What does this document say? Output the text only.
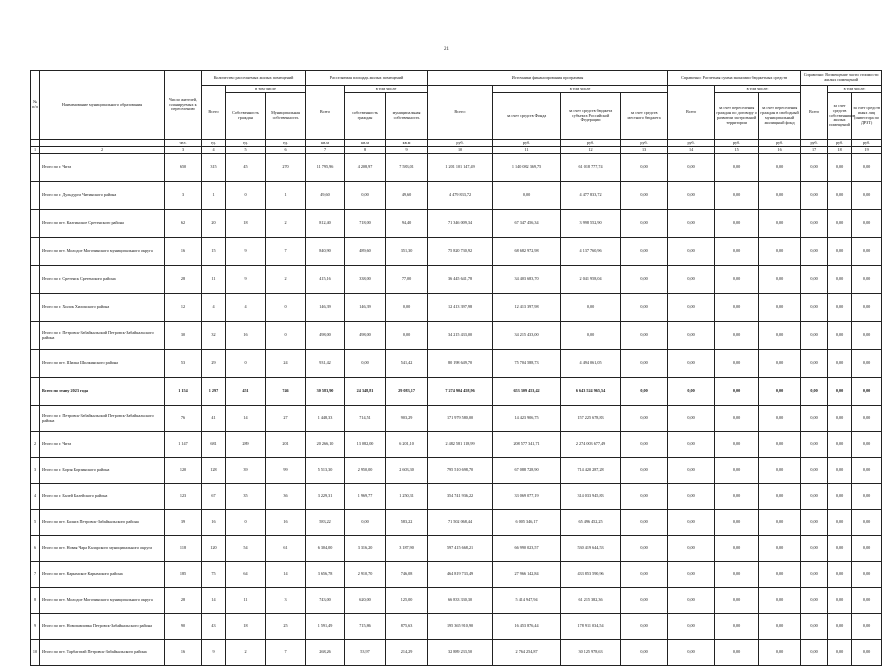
21
№ п/п	Наименование муниципального образования	Число жителей, планируемых к переселению	Количество расселяемых жилых помещений			Расселяемая площадь жилых помещений			Источники финансирования программы				Справочно: Расчетная сумма экономии бюджетных средств			Справочно: Возмещение части стоимости жилых помещений		
			Всего	в том числе		Всего	в том числе		Всего:	в том числе			Всего	в том числе:		Всего	в том числе:	
				Собственность граждан	Муниципальная собственность		собственность граждан	муниципальная собственность		за счет средств Фонда	за счет средств бюджета субъекта Российской Федерации	за счет средств местного бюджета		за счет переселения граждан по договору о развитии застроенной территории	за счет переселения граждан в свободный муниципальный жилищный фонд		за счет средств собственников жилых помещений	за счет средств иных лиц (инвестора по ДРЗТ)
		чел.	ед.	ед.	ед.	кв.м	кв.м	кв.м	руб.	руб.	руб.	руб.	руб.	руб.	руб.	руб.	руб.	руб.
1	2	3	4	5	6	7	8	9	10	11	12	13	14	15	16	17	18	19
	Итого по г. Чита	650	315	45	270	11 795,96	4 208,97	7 583,01	1 201 101 147,49	1 140 082 369,75	61 018 777,74	0,00	0,00	0,00	0,00	0,00	0,00	0,00
	Итого по г. Дульдурга Читинского района	3	1	0	1	49,60	0,00	49,60	4 479 833,72	0,00	4 477 833,72	0,00	0,00	0,00	0,00	0,00	0,00	0,00
	Итого по пгт. Калгинское Сретенского района	62	20	18	2	812,40	718,00	94,40	71 346 009,34	67 347 456,34	3 998 552,90	0,00	0,00	0,00	0,00	0,00	0,00	0,00
	Итого по пгт. Молодое Могочинского муниципального округа	16	15	9	7	840,90	489,60	351,30	75 820 730,92	68 682 972,98	4 137 760,96	0,00	0,00	0,00	0,00	0,00	0,00	0,00
	Итого по г. Сретенск Сретенского района	28	11	9	2	415,16	338,00	77,00	36 445 641,78	34 403 683,70	2 041 958,04	0,00	0,00	0,00	0,00	0,00	0,00	0,00
	Итого по г. Хилок Хилокского района	12	4	4	0	146,39	146,39	0,00	12 413 397,98	12 413 397,98	0,00	0,00	0,00	0,00	0,00	0,00	0,00	0,00
	Итого по г. Петровск-Забайкальский Петровск-Забайкальского района	30	32	16	0	498,00	498,00	0,00	34 215 433,00	34 215 433,00	0,00	0,00	0,00	0,00	0,00	0,00	0,00	0,00
	Итого по пгт. Шилка Шилкинского района	53	29	0	24	931,42	0,00	541,42	80 198 649,70	75 704 588,73	4 494 061,05	0,00	0,00	0,00	0,00	0,00	0,00	0,00
	Всего по этапу 2023 года	1 154	1 297	451	746	30 583,90	24 348,81	29 083,17	7 274 904 458,96	653 309 453,42	6 643 524 965,54	0,00	0,00	0,00	0,00	0,00	0,00	0,00
	Итого по г. Петровск-Забайкальский Петровск-Забайкальского района	76	41	14	27	1 448,33	714,51	903,29	171 979 580,00	14 423 906,75	157 225 678,83	0,00	0,00	0,00	0,00	0,00	0,00	0,00
2	Итого по г. Чита	1 147	681	289	201	20 266,10	13 082,00	6 201,10	2 482 581 118,99	208 577 341,71	2 274 003 677,49	0,00	0,00	0,00	0,00	0,00	0,00	0,00
3	Итого по г. Борзя Борзинского района	120	128	39	99	5 513,30	2 950,00	2 603,30	795 510 698,70	67 088 728,90	714 420 287,28	0,00	0,00	0,00	0,00	0,00	0,00	0,00
4	Итого по г. Балей Балейского района	123	67	35	36	3 229,31	1 969,77	1 250,31	354 741 936,22	33 069 077,19	314 033 945,83	0,00	0,00	0,00	0,00	0,00	0,00	0,00
5	Итого по пгт. Баляга Петровск-Забайкальского района	39	16	0	16	583,22	0,00	583,22	71 502 068,44	6 005 346,17	65 496 452,25	0,00	0,00	0,00	0,00	0,00	0,00	0,00
6	Итого по пгт. Новая Чара Каларского муниципального округа	118	120	54	61	6 304,00	3 316,20	3 187,90	597 415 668,21	66 990 023,57	530 419 644,53	0,00	0,00	0,00	0,00	0,00	0,00	0,00
7	Итого по пгт. Карымское Карымского района	185	75	64	14	3 656,78	2 910,70	746,08	464 819 733,49	27 966 142,84	433 853 590,96	0,00	0,00	0,00	0,00	0,00	0,00	0,00
8	Итого по пгт. Молодое Могочинского муниципального округа	28	14	11	3	743,00	620,00	125,00	66 833 330,30	5 414 947,94	61 215 382,36	0,00	0,00	0,00	0,00	0,00	0,00	0,00
9	Итого по пгт. Новопавловка Петровск-Забайкальского района	90	43	18	25	1 591,49	715,86	875,63	195 365 910,90	16 453 876,44	178 911 034,54	0,00	0,00	0,00	0,00	0,00	0,00	0,00
10	Итого по пгт. Тарбагатай Петровск-Забайкальского района	16	9	2	7	268,26	53,97	214,29	32 889 233,50	2 764 254,87	30 125 978,63	0,00	0,00	0,00	0,00	0,00	0,00	0,00
